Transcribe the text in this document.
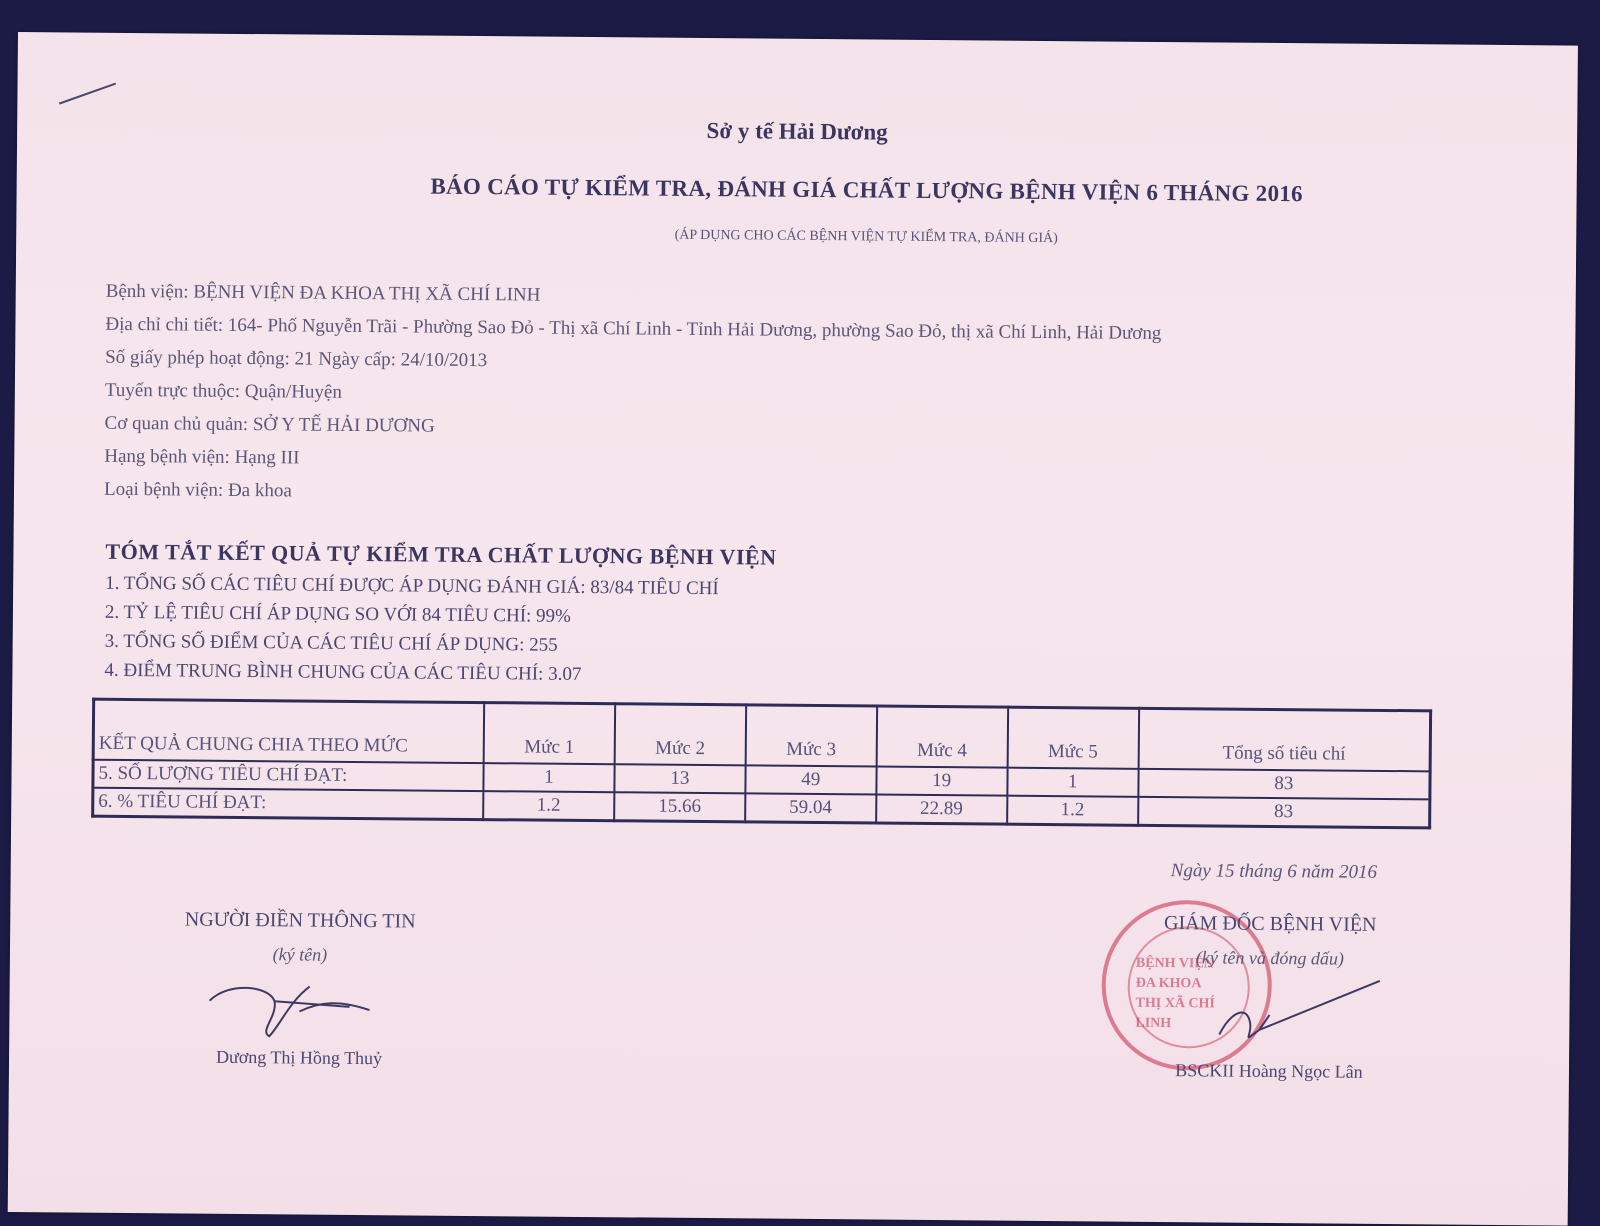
Sở y tế Hải Dương
BÁO CÁO TỰ KIỂM TRA, ĐÁNH GIÁ CHẤT LƯỢNG BỆNH VIỆN 6 THÁNG 2016
(ÁP DỤNG CHO CÁC BỆNH VIỆN TỰ KIỂM TRA, ĐÁNH GIÁ)
Bệnh viện: BỆNH VIỆN ĐA KHOA THỊ XÃ CHÍ LINH
Địa chỉ chi tiết: 164- Phố Nguyễn Trãi - Phường Sao Đỏ - Thị xã Chí Linh - Tỉnh Hải Dương, phường Sao Đỏ, thị xã Chí Linh, Hải Dương
Số giấy phép hoạt động: 21 Ngày cấp: 24/10/2013
Tuyến trực thuộc: Quận/Huyện
Cơ quan chủ quản: SỞ Y TẾ HẢI DƯƠNG
Hạng bệnh viện: Hạng III
Loại bệnh viện: Đa khoa
TÓM TẮT KẾT QUẢ TỰ KIỂM TRA CHẤT LƯỢNG BỆNH VIỆN
1. TỔNG SỐ CÁC TIÊU CHÍ ĐƯỢC ÁP DỤNG ĐÁNH GIÁ: 83/84 TIÊU CHÍ
2. TỶ LỆ TIÊU CHÍ ÁP DỤNG SO VỚI 84 TIÊU CHÍ: 99%
3. TỔNG SỐ ĐIỂM CỦA CÁC TIÊU CHÍ ÁP DỤNG: 255
4. ĐIỂM TRUNG BÌNH CHUNG CỦA CÁC TIÊU CHÍ: 3.07
KẾT QUẢ CHUNG CHIA THEO MỨC	Mức 1	Mức 2	Mức 3	Mức 4	Mức 5	Tổng số tiêu chí
5. SỐ LƯỢNG TIÊU CHÍ ĐẠT:	1	13	49	19	1	83
6. % TIÊU CHÍ ĐẠT:	1.2	15.66	59.04	22.89	1.2	83
Ngày 15 tháng 6 năm 2016
NGƯỜI ĐIỀN THÔNG TIN
(ký tên)
Dương Thị Hồng Thuỷ
BỆNH VIỆN
ĐA KHOA
THỊ XÃ CHÍ LINH
GIÁM ĐỐC BỆNH VIỆN
(ký tên và đóng dấu)
BSCKII Hoàng Ngọc Lân
